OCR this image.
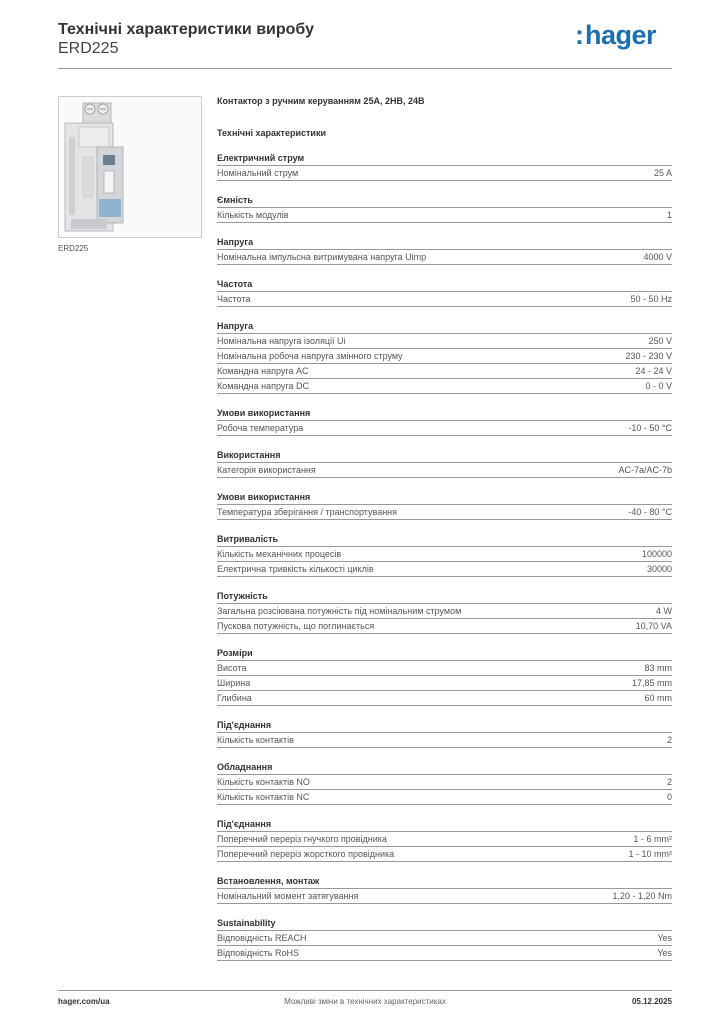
Технічні характеристики виробу
ERD225	:hager
ERD225
Контактор з ручним керуванням 25A, 2НВ, 24В
Технічні характеристики
Електричний струм
Номінальний струм	25 A
Ємність
Кількість модулів	1
Напруга
Номінальна імпульсна витримувана напруга Uimp	4000 V
Частота
Частота	50 - 50 Hz
Напруга
Номінальна напруга ізоляції Ui	250 V
Номінальна робоча напруга змінного струму	230 - 230 V
Командна напруга AC	24 - 24 V
Командна напруга DC	0 - 0 V
Умови використання
Робоча температура	-10 - 50 °C
Використання
Категорія використання	AC-7a/AC-7b
Умови використання
Температура зберігання / транспортування	-40 - 80 °C
Витривалість
Кількість механічних процесів	100000
Електрична тривкість кількості циклів	30000
Потужність
Загальна розсіювана потужність під номінальним струмом	4 W
Пускова потужність, що поглинається	10,70 VA
Розміри
Висота	83 mm
Ширина	17,85 mm
Глибина	60 mm
Під'єднання
Кількість контактів	2
Обладнання
Кількість контактів NO	2
Кількість контактів NC	0
Під'єднання
Поперечний переріз гнучкого провідника	1 - 6 mm²
Поперечний переріз жорсткого провідника	1 - 10 mm²
Встановлення, монтаж
Номінальний момент затягування	1,20 - 1,20 Nm
Sustainability
Відповідність REACH	Yes
Відповідність RoHS	Yes
hager.com/ua	Можливі зміни в технічних характеристиках	05.12.2025
